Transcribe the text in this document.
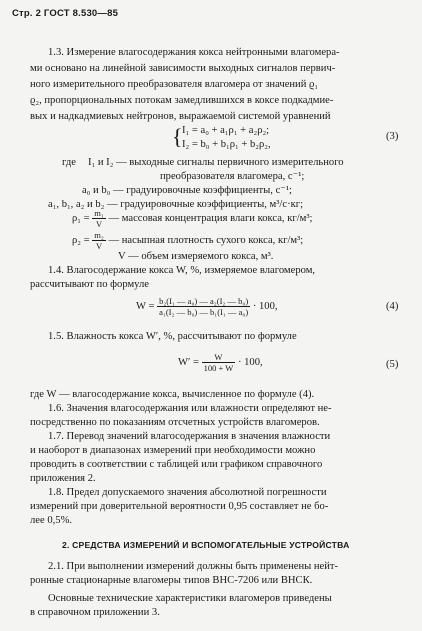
Стр. 2 ГОСТ 8.530—85
1.3. Измерение влагосодержания кокса нейтронными влагомера-
ми основано на линейной зависимости выходных сигналов первич-
ного измерительного преобразователя влагомера от значений ϱ₁
ϱ₂, пропорциональных потокам замедлившихся в коксе подкадмие-
вых и надкадмиевых нейтронов, выражаемой системой уравнений
{ I₁ = a₀ + a₁ρ₁ + a₂ρ₂;
I₂ = b₀ + b₁ρ₁ + b₂ρ₂,
(3)
где I₁ и I₂ — выходные сигналы первичного измерительного
преобразователя влагомера, с⁻¹;
a₀ и b₀ — градуировочные коэффициенты, с⁻¹;
a₁, b₁, a₂ и b₂ — градуировочные коэффициенты, м³/с·кг;
$\rho_1 = \frac{\text{m₁}}{V}$ — массовая концентрация влаги кокса, кг/м³;
$\rho_2 = \frac{\text{m₂}}{V}$ — насыпная плотность сухого кокса, кг/м³;
V — объем измеряемого кокса, м³.
1.4. Влагосодержание кокса W, %, измеряемое влагомером,
рассчитывают по формуле
$W = \frac{\text{b₂(I₁ — a₀) — a₂(I₂ — b₀)}}{\text{a₁(I₂ — b₀) — b₁(I₁ — a₀)}} \cdot 100$,	(4)
1.5. Влажность кокса W′, %, рассчитывают по формуле
$W' = \frac{W}{100 + W} \cdot 100$,	(5)
где W — влагосодержание кокса, вычисленное по формуле (4).
1.6. Значения влагосодержания или влажности определяют не-
посредственно по показаниям отсчетных устройств влагомеров.
1.7. Перевод значений влагосодержания в значения влажности
и наоборот в диапазонах измерений при необходимости можно
проводить в соответствии с таблицей или графиком справочного
приложения 2.
1.8. Предел допускаемого значения абсолютной погрешности
измерений при доверительной вероятности 0,95 составляет не бо-
лее 0,5%.
2. СРЕДСТВА ИЗМЕРЕНИЙ И ВСПОМОГАТЕЛЬНЫЕ УСТРОЙСТВА
2.1. При выполнении измерений должны быть применены нейт-
ронные стационарные влагомеры типов ВНС-7206 или ВНСК.
Основные технические характеристики влагомеров приведены
в справочном приложении 3.
